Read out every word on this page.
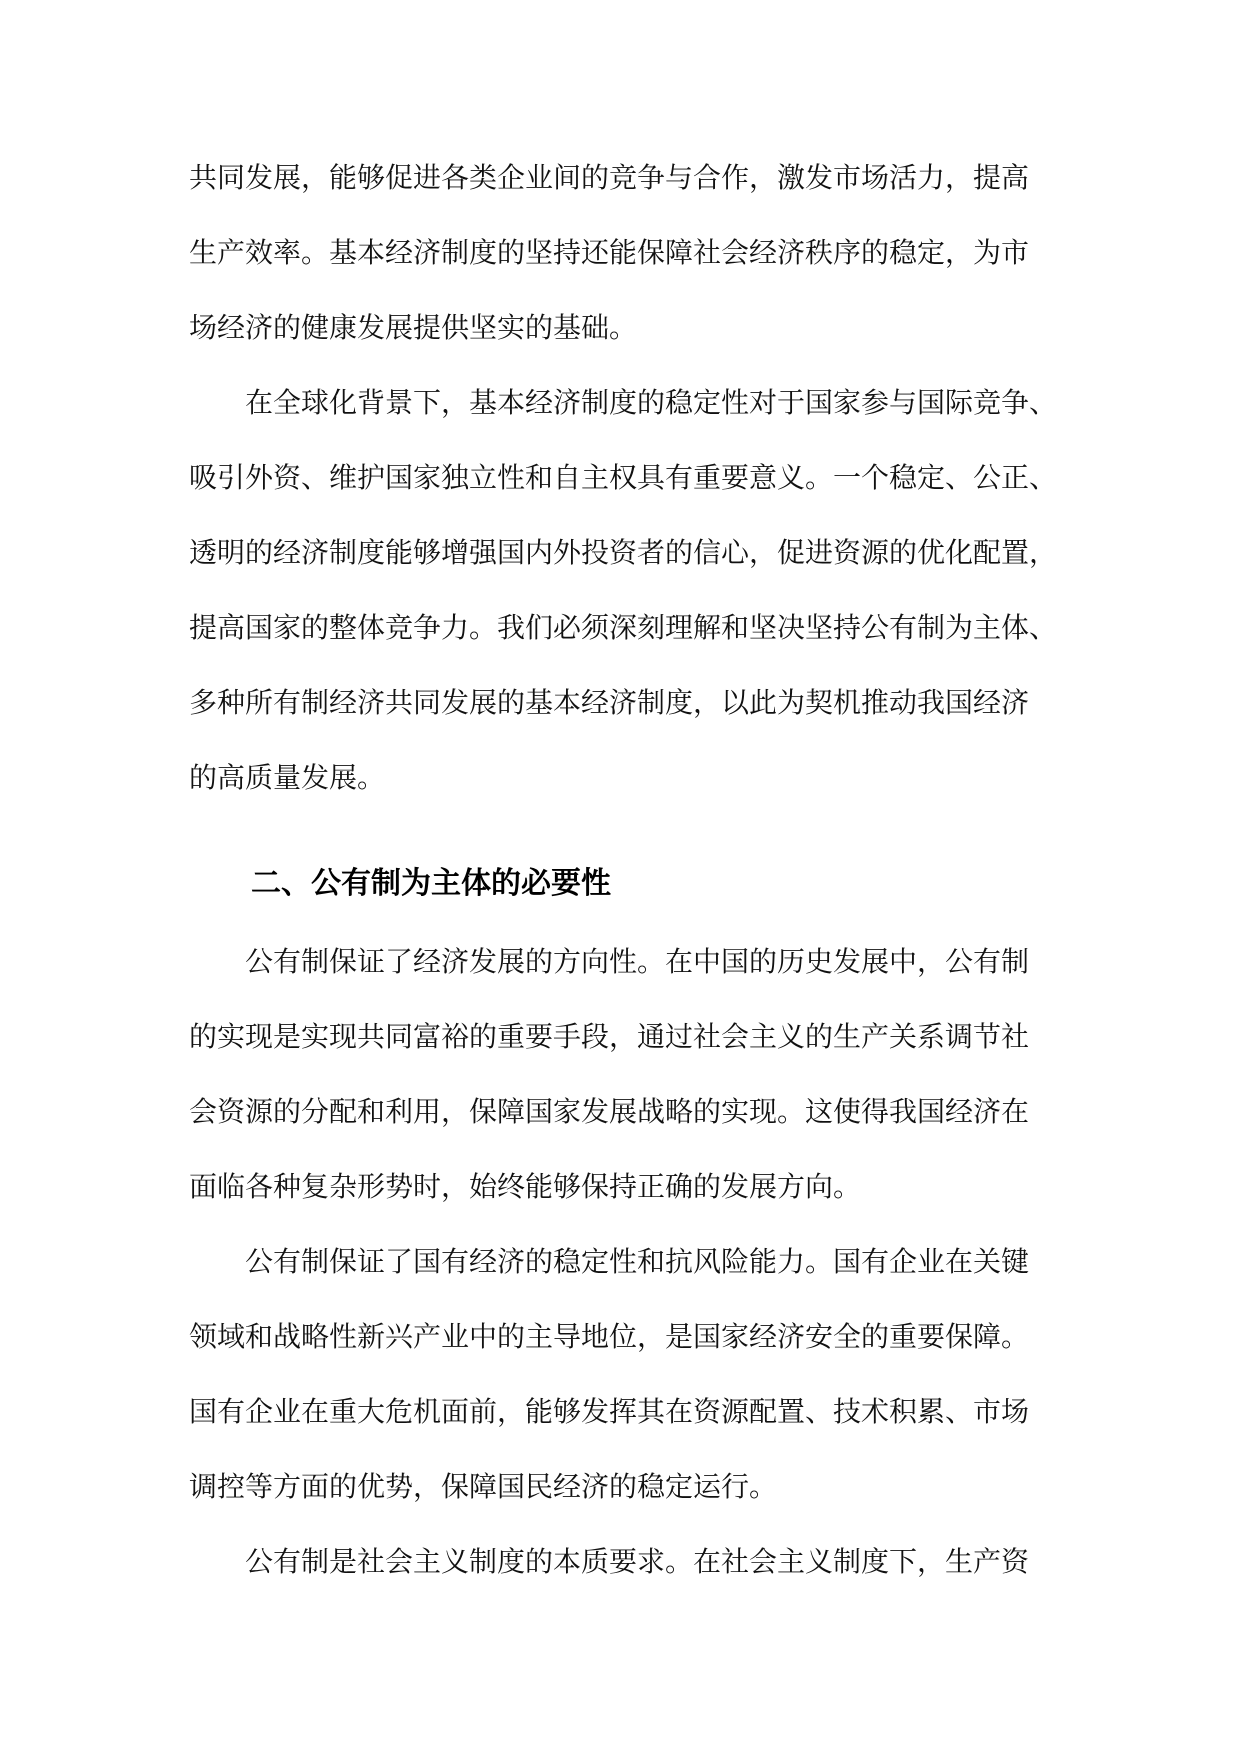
共同发展，能够促进各类企业间的竞争与合作，激发市场活力，提高
生产效率。基本经济制度的坚持还能保障社会经济秩序的稳定，为市
场经济的健康发展提供坚实的基础。
在全球化背景下，基本经济制度的稳定性对于国家参与国际竞争、
吸引外资、维护国家独立性和自主权具有重要意义。一个稳定、公正、
透明的经济制度能够增强国内外投资者的信心，促进资源的优化配置，
提高国家的整体竞争力。我们必须深刻理解和坚决坚持公有制为主体、
多种所有制经济共同发展的基本经济制度，以此为契机推动我国经济
的高质量发展。
二、公有制为主体的必要性
公有制保证了经济发展的方向性。在中国的历史发展中，公有制
的实现是实现共同富裕的重要手段，通过社会主义的生产关系调节社
会资源的分配和利用，保障国家发展战略的实现。这使得我国经济在
面临各种复杂形势时，始终能够保持正确的发展方向。
公有制保证了国有经济的稳定性和抗风险能力。国有企业在关键
领域和战略性新兴产业中的主导地位，是国家经济安全的重要保障。
国有企业在重大危机面前，能够发挥其在资源配置、技术积累、市场
调控等方面的优势，保障国民经济的稳定运行。
公有制是社会主义制度的本质要求。在社会主义制度下，生产资
